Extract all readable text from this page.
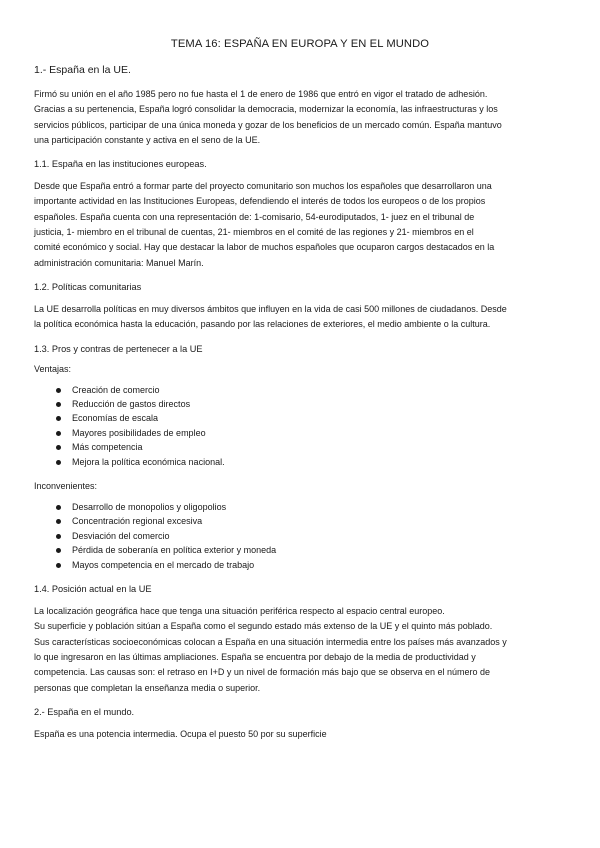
TEMA 16: ESPAÑA EN EUROPA Y EN EL MUNDO
1.- España en la UE.
Firmó su unión en el año 1985 pero no fue hasta el 1 de enero de 1986 que entró en vigor el tratado de adhesión.
Gracias a su pertenencia, España logró consolidar la democracia, modernizar la economía, las infraestructuras y los
servicios públicos, participar de una única moneda y gozar de los beneficios de un mercado común. España mantuvo
una participación constante y activa en el seno de la UE.
1.1. España en las instituciones europeas.
Desde que España entró a formar parte del proyecto comunitario son muchos los españoles que desarrollaron una
importante actividad en las Instituciones Europeas, defendiendo el interés de todos los europeos o de los propios
españoles. España cuenta con una representación de: 1-comisario, 54-eurodiputados, 1- juez en el tribunal de
justicia, 1- miembro en el tribunal de cuentas, 21- miembros en el comité de las regiones y 21- miembros en el
comité económico y social. Hay que destacar la labor de muchos españoles que ocuparon cargos destacados en la
administración comunitaria: Manuel Marín.
1.2. Políticas comunitarias
La UE desarrolla políticas en muy diversos ámbitos que influyen en la vida de casi 500 millones de ciudadanos. Desde
la política económica hasta la educación, pasando por las relaciones de exteriores, el medio ambiente o la cultura.
1.3. Pros y contras de pertenecer a la UE
Ventajas:
Creación de comercio
Reducción de gastos directos
Economías de escala
Mayores posibilidades de empleo
Más competencia
Mejora la política económica nacional.
Inconvenientes:
Desarrollo de monopolios y oligopolios
Concentración regional excesiva
Desviación del comercio
Pérdida de soberanía en política exterior y moneda
Mayos competencia en el mercado de trabajo
1.4. Posición actual en la UE
La localización geográfica hace que tenga una situación periférica respecto al espacio central europeo.
Su superficie y población sitúan a España como el segundo estado más extenso de la UE y el quinto más poblado.
Sus características socioeconómicas colocan a España en una situación intermedia entre los países más avanzados y
lo que ingresaron en las últimas ampliaciones. España se encuentra por debajo de la media de productividad y
competencia. Las causas son: el retraso en I+D y un nivel de formación más bajo que se observa en el número de
personas que completan la enseñanza media o superior.
2.- España en el mundo.
España es una potencia intermedia. Ocupa el puesto 50 por su superficie
